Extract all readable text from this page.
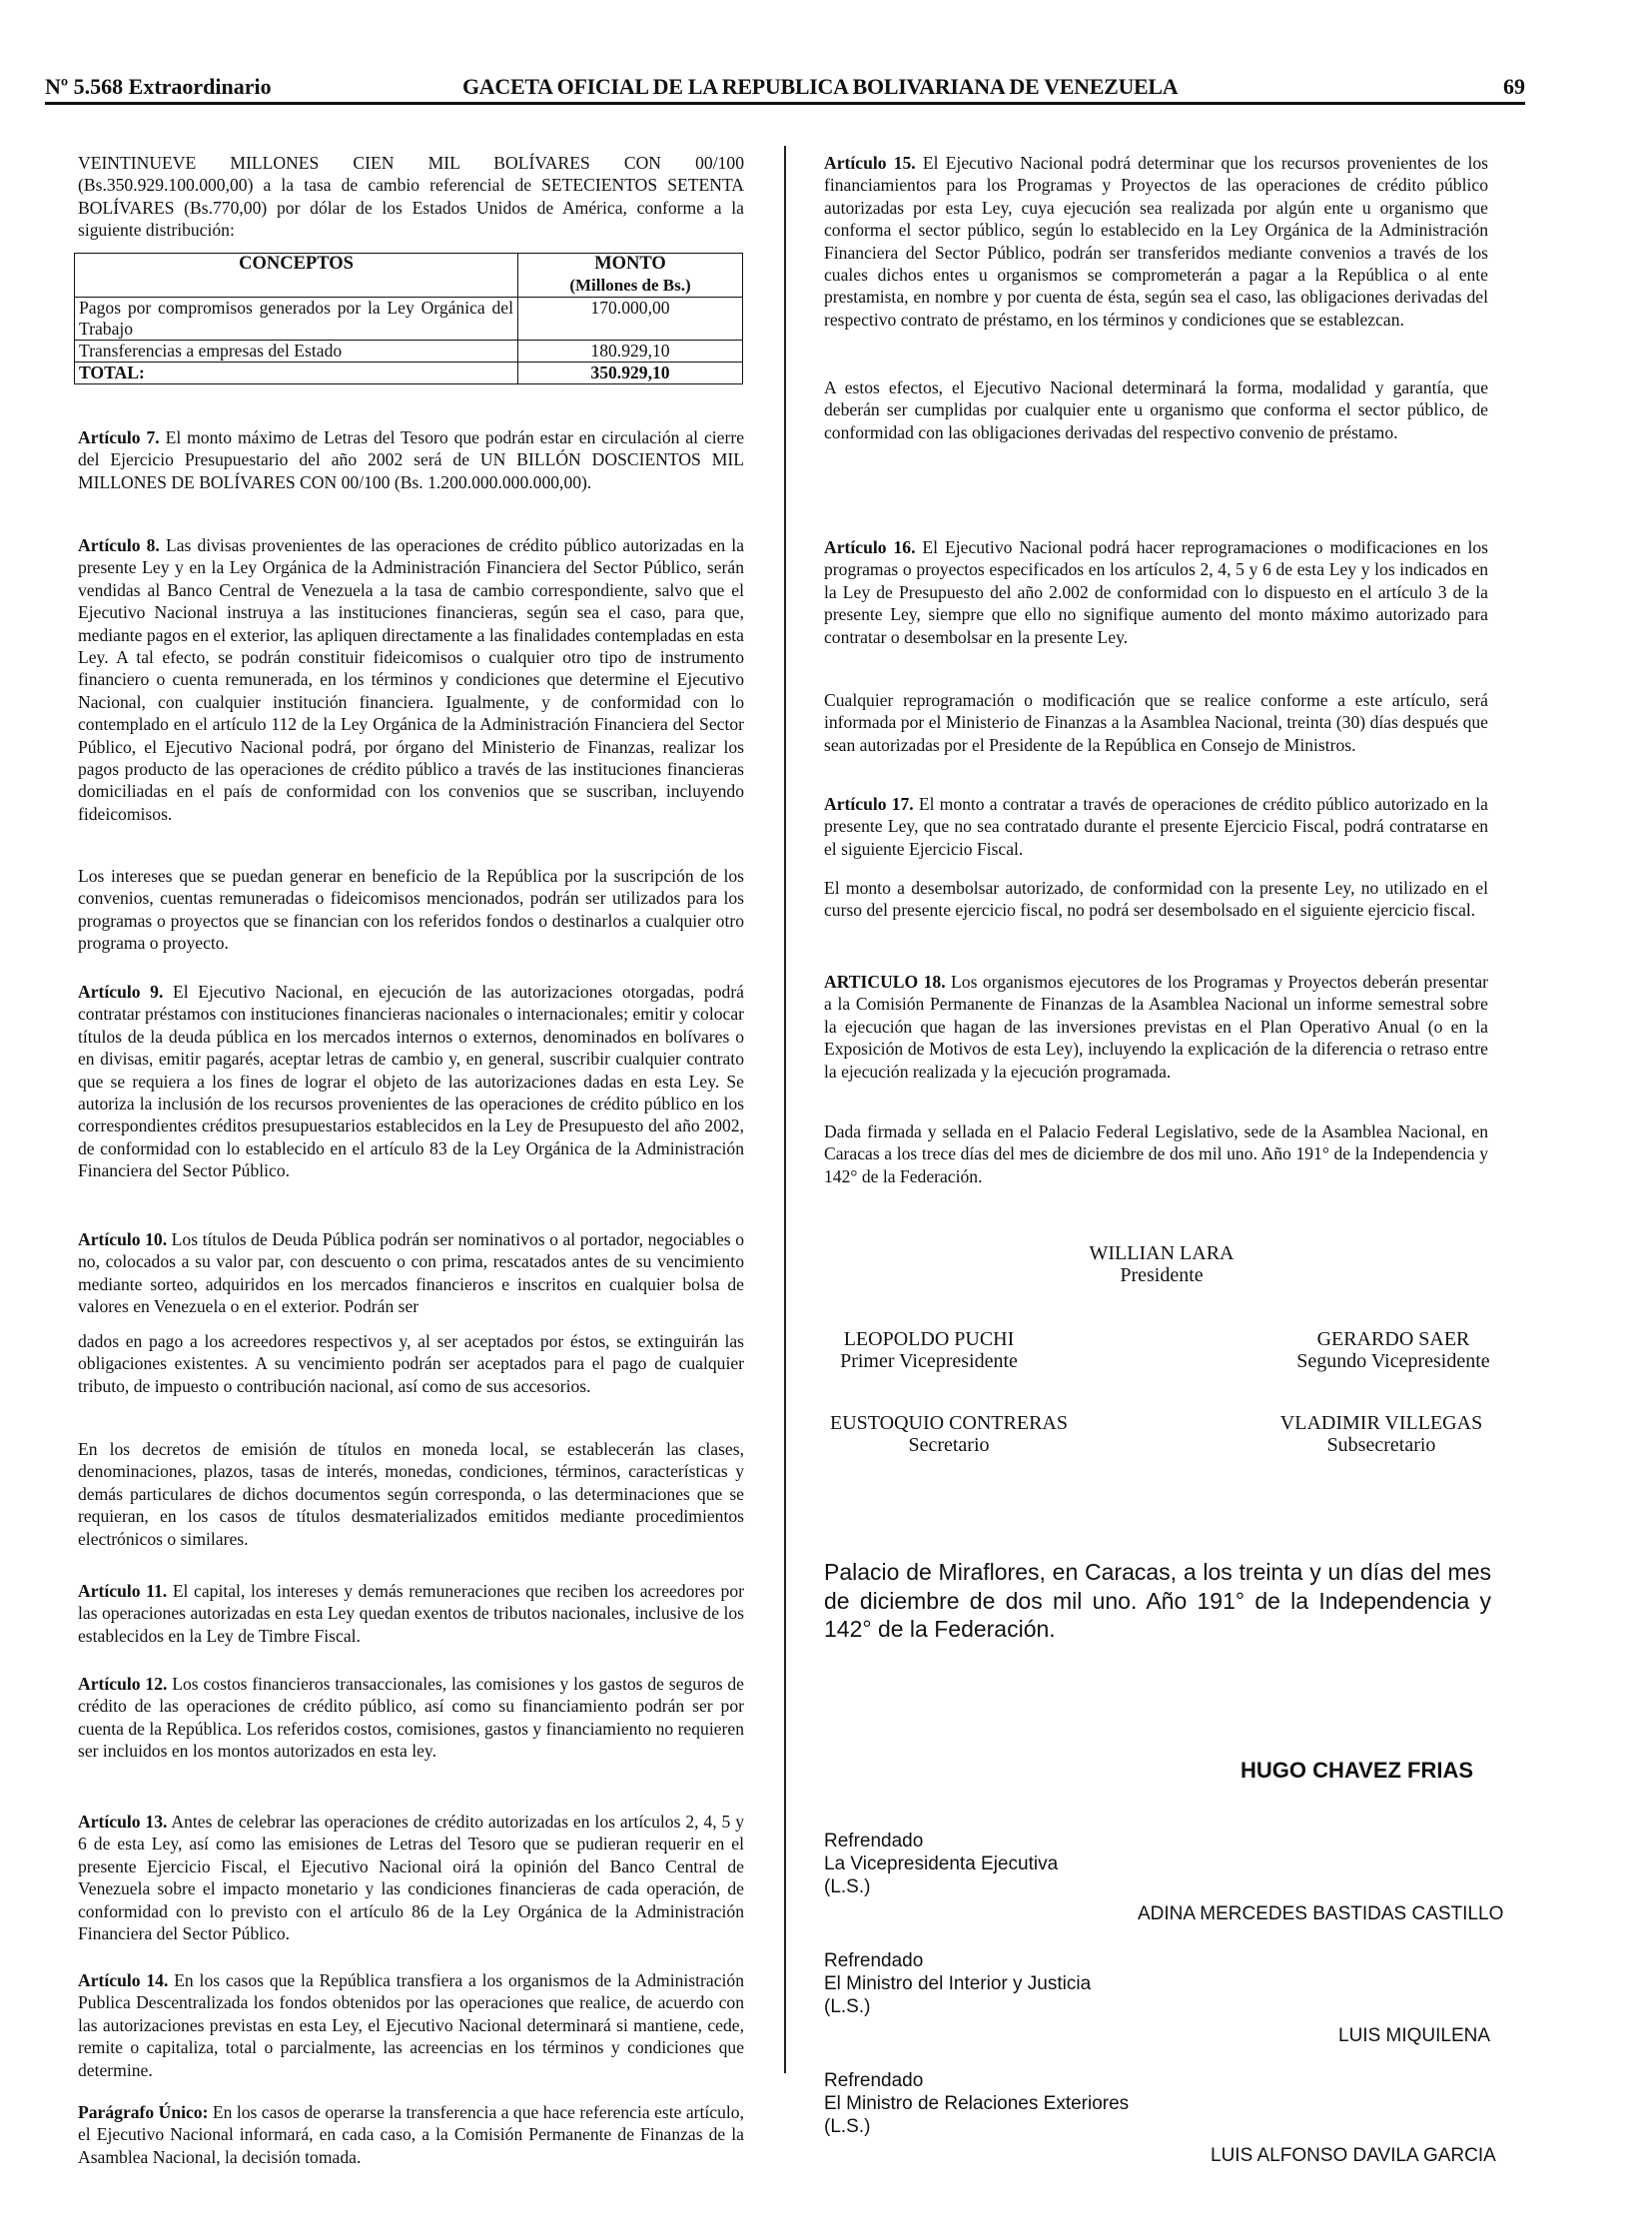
Nº 5.568 Extraordinario	GACETA OFICIAL DE LA REPUBLICA BOLIVARIANA DE VENEZUELA	69

VEINTINUEVE MILLONES CIEN MIL BOLÍVARES CON 00/100 (Bs.350.929.100.000,00) a la tasa de cambio referencial de SETECIENTOS SETENTA BOLÍVARES (Bs.770,00) por dólar de los Estados Unidos de América, conforme a la siguiente distribución:

CONCEPTOS	MONTO
(Millones de Bs.)
Pagos por compromisos generados por la Ley Orgánica del Trabajo	170.000,00
Transferencias a empresas del Estado	180.929,10
TOTAL:	350.929,10

Artículo 7. El monto máximo de Letras del Tesoro que podrán estar en circulación al cierre del Ejercicio Presupuestario del año 2002 será de UN BILLÓN DOSCIENTOS MIL MILLONES DE BOLÍVARES CON 00/100 (Bs. 1.200.000.000.000,00).

Artículo 8. Las divisas provenientes de las operaciones de crédito público autorizadas en la presente Ley y en la Ley Orgánica de la Administración Financiera del Sector Público, serán vendidas al Banco Central de Venezuela a la tasa de cambio correspondiente, salvo que el Ejecutivo Nacional instruya a las instituciones financieras, según sea el caso, para que, mediante pagos en el exterior, las apliquen directamente a las finalidades contempladas en esta Ley. A tal efecto, se podrán constituir fideicomisos o cualquier otro tipo de instrumento financiero o cuenta remunerada, en los términos y condiciones que determine el Ejecutivo Nacional, con cualquier institución financiera. Igualmente, y de conformidad con lo contemplado en el artículo 112 de la Ley Orgánica de la Administración Financiera del Sector Público, el Ejecutivo Nacional podrá, por órgano del Ministerio de Finanzas, realizar los pagos producto de las operaciones de crédito público a través de las instituciones financieras domiciliadas en el país de conformidad con los convenios que se suscriban, incluyendo fideicomisos.

Los intereses que se puedan generar en beneficio de la República por la suscripción de los convenios, cuentas remuneradas o fideicomisos mencionados, podrán ser utilizados para los programas o proyectos que se financian con los referidos fondos o destinarlos a cualquier otro programa o proyecto.

Artículo 9. El Ejecutivo Nacional, en ejecución de las autorizaciones otorgadas, podrá contratar préstamos con instituciones financieras nacionales o internacionales; emitir y colocar títulos de la deuda pública en los mercados internos o externos, denominados en bolívares o en divisas, emitir pagarés, aceptar letras de cambio y, en general, suscribir cualquier contrato que se requiera a los fines de lograr el objeto de las autorizaciones dadas en esta Ley. Se autoriza la inclusión de los recursos provenientes de las operaciones de crédito público en los correspondientes créditos presupuestarios establecidos en la Ley de Presupuesto del año 2002, de conformidad con lo establecido en el artículo 83 de la Ley Orgánica de la Administración Financiera del Sector Público.

Artículo 10. Los títulos de Deuda Pública podrán ser nominativos o al portador, negociables o no, colocados a su valor par, con descuento o con prima, rescatados antes de su vencimiento mediante sorteo, adquiridos en los mercados financieros e inscritos en cualquier bolsa de valores en Venezuela o en el exterior. Podrán ser

dados en pago a los acreedores respectivos y, al ser aceptados por éstos, se extinguirán las obligaciones existentes. A su vencimiento podrán ser aceptados para el pago de cualquier tributo, de impuesto o contribución nacional, así como de sus accesorios.

En los decretos de emisión de títulos en moneda local, se establecerán las clases, denominaciones, plazos, tasas de interés, monedas, condiciones, términos, características y demás particulares de dichos documentos según corresponda, o las determinaciones que se requieran, en los casos de títulos desmaterializados emitidos mediante procedimientos electrónicos o similares.

Artículo 11. El capital, los intereses y demás remuneraciones que reciben los acreedores por las operaciones autorizadas en esta Ley quedan exentos de tributos nacionales, inclusive de los establecidos en la Ley de Timbre Fiscal.

Artículo 12. Los costos financieros transaccionales, las comisiones y los gastos de seguros de crédito de las operaciones de crédito público, así como su financiamiento podrán ser por cuenta de la República. Los referidos costos, comisiones, gastos y financiamiento no requieren ser incluidos en los montos autorizados en esta ley.

Artículo 13. Antes de celebrar las operaciones de crédito autorizadas en los artículos 2, 4, 5 y 6 de esta Ley, así como las emisiones de Letras del Tesoro que se pudieran requerir en el presente Ejercicio Fiscal, el Ejecutivo Nacional oirá la opinión del Banco Central de Venezuela sobre el impacto monetario y las condiciones financieras de cada operación, de conformidad con lo previsto con el artículo 86 de la Ley Orgánica de la Administración Financiera del Sector Público.

Artículo 14. En los casos que la República transfiera a los organismos de la Administración Publica Descentralizada los fondos obtenidos por las operaciones que realice, de acuerdo con las autorizaciones previstas en esta Ley, el Ejecutivo Nacional determinará si mantiene, cede, remite o capitaliza, total o parcialmente, las acreencias en los términos y condiciones que determine.

Parágrafo Único: En los casos de operarse la transferencia a que hace referencia este artículo, el Ejecutivo Nacional informará, en cada caso, a la Comisión Permanente de Finanzas de la Asamblea Nacional, la decisión tomada.

Artículo 15. El Ejecutivo Nacional podrá determinar que los recursos provenientes de los financiamientos para los Programas y Proyectos de las operaciones de crédito público autorizadas por esta Ley, cuya ejecución sea realizada por algún ente u organismo que conforma el sector público, según lo establecido en la Ley Orgánica de la Administración Financiera del Sector Público, podrán ser transferidos mediante convenios a través de los cuales dichos entes u organismos se comprometerán a pagar a la República o al ente prestamista, en nombre y por cuenta de ésta, según sea el caso, las obligaciones derivadas del respectivo contrato de préstamo, en los términos y condiciones que se establezcan.

A estos efectos, el Ejecutivo Nacional determinará la forma, modalidad y garantía, que deberán ser cumplidas por cualquier ente u organismo que conforma el sector público, de conformidad con las obligaciones derivadas del respectivo convenio de préstamo.

Artículo 16. El Ejecutivo Nacional podrá hacer reprogramaciones o modificaciones en los programas o proyectos especificados en los artículos 2, 4, 5 y 6 de esta Ley y los indicados en la Ley de Presupuesto del año 2.002 de conformidad con lo dispuesto en el artículo 3 de la presente Ley, siempre que ello no signifique aumento del monto máximo autorizado para contratar o desembolsar en la presente Ley.

Cualquier reprogramación o modificación que se realice conforme a este artículo, será informada por el Ministerio de Finanzas a la Asamblea Nacional, treinta (30) días después que sean autorizadas por el Presidente de la República en Consejo de Ministros.

Artículo 17. El monto a contratar a través de operaciones de crédito público autorizado en la presente Ley, que no sea contratado durante el presente Ejercicio Fiscal, podrá contratarse en el siguiente Ejercicio Fiscal.

El monto a desembolsar autorizado, de conformidad con la presente Ley, no utilizado en el curso del presente ejercicio fiscal, no podrá ser desembolsado en el siguiente ejercicio fiscal.

ARTICULO 18. Los organismos ejecutores de los Programas y Proyectos deberán presentar a la Comisión Permanente de Finanzas de la Asamblea Nacional un informe semestral sobre la ejecución que hagan de las inversiones previstas en el Plan Operativo Anual (o en la Exposición de Motivos de esta Ley), incluyendo la explicación de la diferencia o retraso entre la ejecución realizada y la ejecución programada.

Dada firmada y sellada en el Palacio Federal Legislativo, sede de la Asamblea Nacional, en Caracas a los trece días del mes de diciembre de dos mil uno. Año 191° de la Independencia y 142° de la Federación.

WILLIAN LARA
Presidente
LEOPOLDO PUCHI
Primer Vicepresidente
GERARDO SAER
Segundo Vicepresidente
EUSTOQUIO CONTRERAS
Secretario
VLADIMIR VILLEGAS
Subsecretario
Palacio de Miraflores, en Caracas, a los treinta y un días del mes de diciembre de dos mil uno. Año 191° de la Independencia y 142° de la Federación.
HUGO CHAVEZ FRIAS
Refrendado
La Vicepresidenta Ejecutiva
(L.S.)
ADINA MERCEDES BASTIDAS CASTILLO
Refrendado
El Ministro del Interior y Justicia
(L.S.)
LUIS MIQUILENA
Refrendado
El Ministro de Relaciones Exteriores
(L.S.)
LUIS ALFONSO DAVILA GARCIA
